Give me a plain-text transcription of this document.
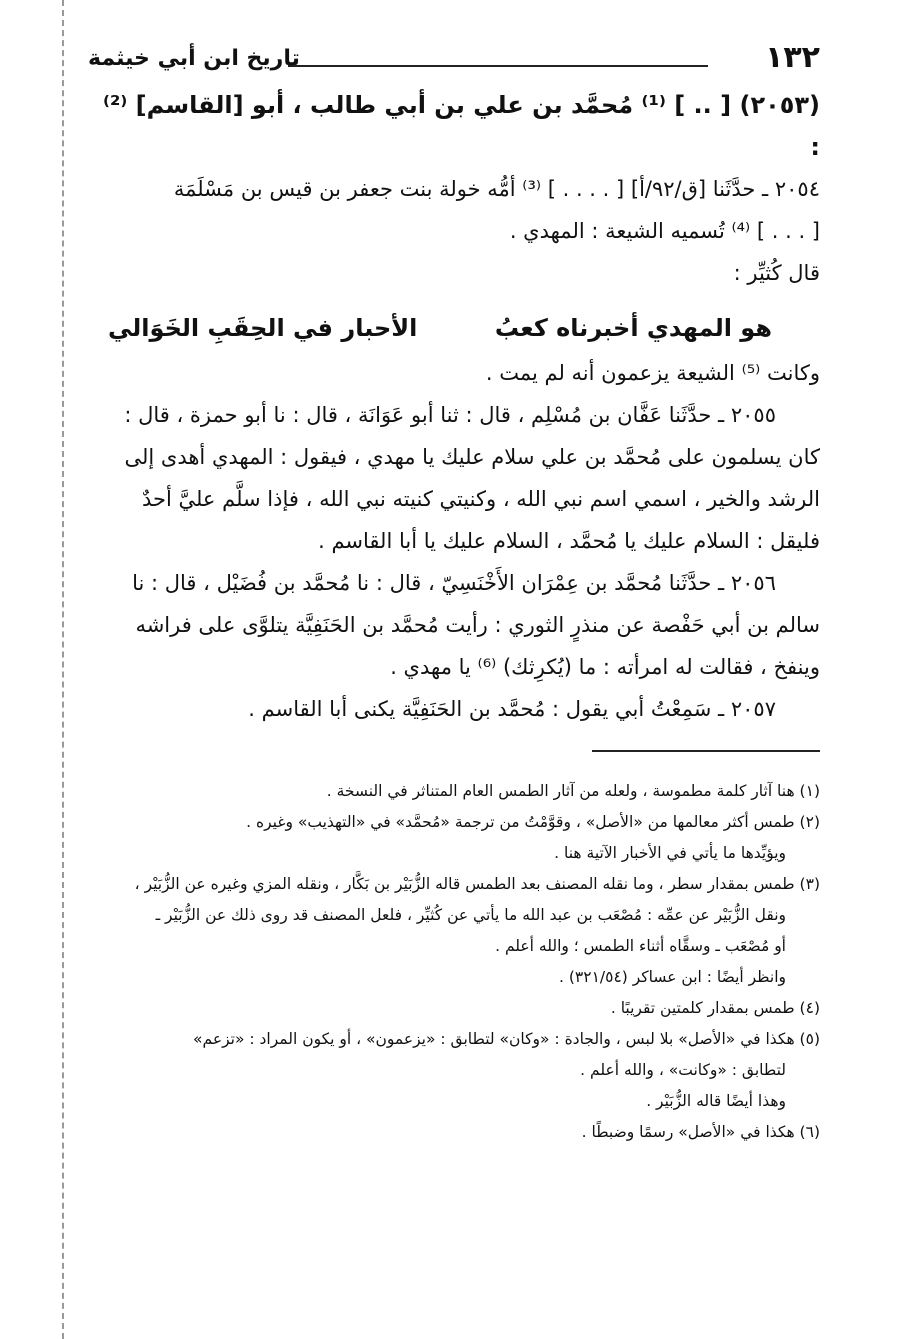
١٣٢
تاريخ ابن أبي خيثمة

(٢٠٥٣) [ .. ] ⁽¹⁾ مُحمَّد بن علي بن أبي طالب ، أبو [القاسم] ⁽²⁾ :

٢٠٥٤ ـ حدَّثَنا [ق/٩٢/أ] [ . . . . ] ⁽³⁾ أمُّه خولة بنت جعفر بن قيس بن مَسْلَمَة

[ . . . ] ⁽⁴⁾ تُسميه الشيعة : المهدي .

قال كُثيِّر :

هو المهدي أخبرناه كعبُ
الأحبار في الحِقَبِ الخَوَالي

وكانت ⁽⁵⁾ الشيعة يزعمون أنه لم يمت .

٢٠٥٥ ـ حدَّثَنا عَفَّان بن مُسْلِم ، قال : ثنا أبو عَوَانَة ، قال : نا أبو حمزة ، قال :

كان يسلمون على مُحمَّد بن علي سلام عليك يا مهدي ، فيقول : المهدي أهدى إلى

الرشد والخير ، اسمي اسم نبي الله ، وكنيتي كنيته نبي الله ، فإذا سلَّم عليَّ أحدٌ

فليقل : السلام عليك يا مُحمَّد ، السلام عليك يا أبا القاسم .

٢٠٥٦ ـ حدَّثَنا مُحمَّد بن عِمْرَان الأَخْنَسِيّ ، قال : نا مُحمَّد بن فُضَيْل ، قال : نا

سالم بن أبي حَفْصة عن منذرٍ الثوري : رأيت مُحمَّد بن الحَنَفِيَّة يتلوَّى على فراشه

وينفخ ، فقالت له امرأته : ما (يُكرِثك) ⁽⁶⁾ يا مهدي .

٢٠٥٧ ـ سَمِعْتُ أبي يقول : مُحمَّد بن الحَنَفِيَّة يكنى أبا القاسم .

(١) هنا آثار كلمة مطموسة ، ولعله من آثار الطمس العام المتناثر في النسخة .

(٢) طمس أكثر معالمها من «الأصل» ، وقوَّمْتُ من ترجمة «مُحمَّد» في «التهذيب» وغيره .

ويؤيِّدها ما يأتي في الأخبار الآتية هنا .

(٣) طمس بمقدار سطر ، وما نقله المصنف بعد الطمس قاله الزُّبَيْر بن بَكَّار ، ونقله المزي وغيره عن الزُّبَيْر ،

ونقل الزُّبَيْر عن عمِّه : مُصْعَب بن عبد الله ما يأتي عن كُثيِّر ، فلعل المصنف قد روى ذلك عن الزُّبَيْر ـ

أو مُصْعَب ـ وسقَّاه أثناء الطمس ؛ والله أعلم .

وانظر أيضًا : ابن عساكر (٣٢١/٥٤) .

(٤) طمس بمقدار كلمتين تقريبًا .

(٥) هكذا في «الأصل» بلا لبس ، والجادة : «وكان» لتطابق : «يزعمون» ، أو يكون المراد : «تزعم»

لتطابق : «وكانت» ، والله أعلم .

وهذا أيضًا قاله الزُّبَيْر .

(٦) هكذا في «الأصل» رسمًا وضبطًا .
